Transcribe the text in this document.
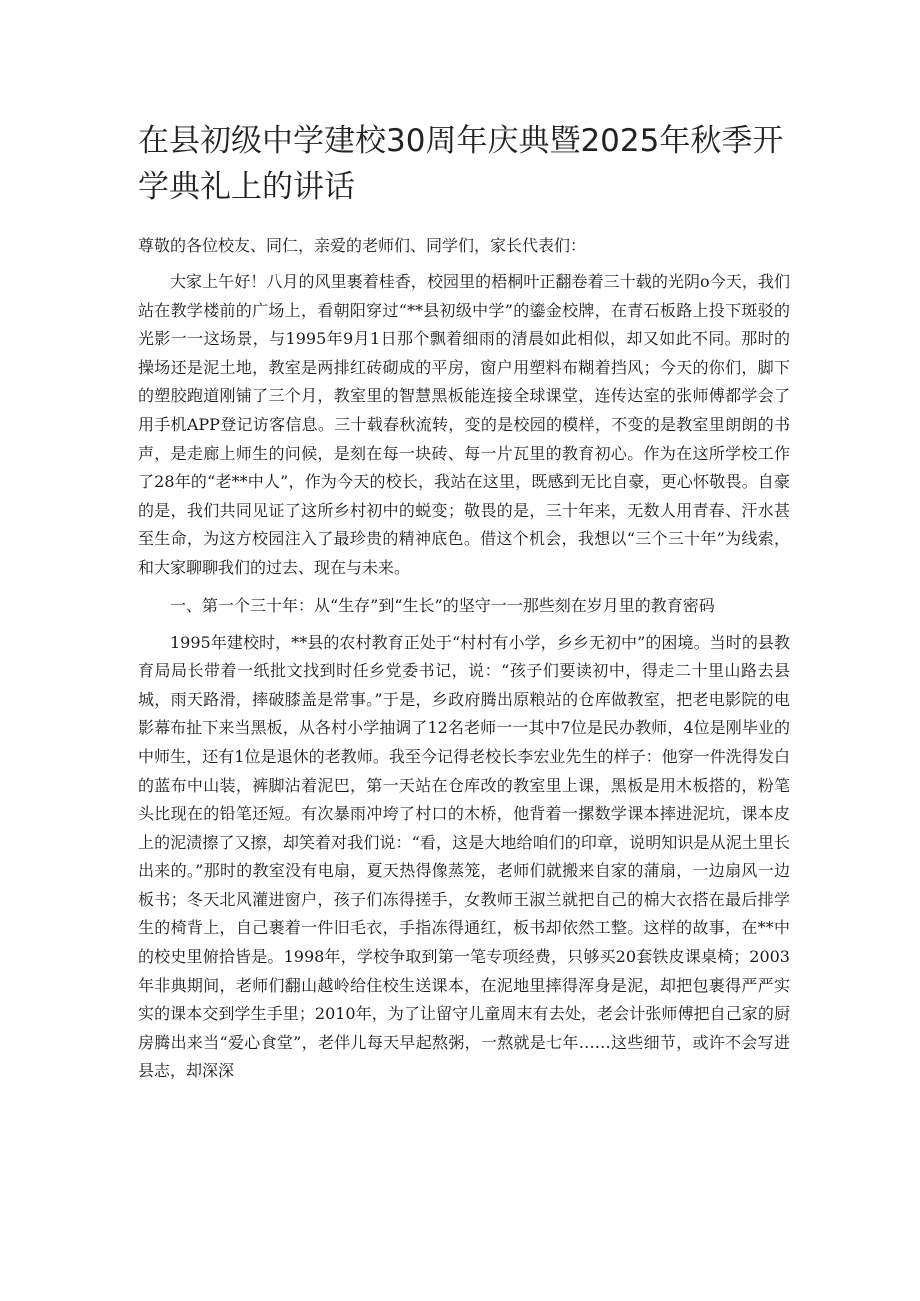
在县初级中学建校30周年庆典暨2025年秋季开学典礼上的讲话

尊敬的各位校友、同仁，亲爱的老师们、同学们，家长代表们：

大家上午好！八月的风里裹着桂香，校园里的梧桐叶正翻卷着三十载的光阴o今天，我们站在教学楼前的广场上，看朝阳穿过“**县初级中学”的鎏金校牌，在青石板路上投下斑驳的光影一一这场景，与1995年9月1日那个飘着细雨的清晨如此相似，却又如此不同。那时的操场还是泥土地，教室是两排红砖砌成的平房，窗户用塑料布糊着挡风；今天的你们，脚下的塑胶跑道刚铺了三个月，教室里的智慧黑板能连接全球课堂，连传达室的张师傅都学会了用手机APP登记访客信息。三十载春秋流转，变的是校园的模样，不变的是教室里朗朗的书声，是走廊上师生的问候，是刻在每一块砖、每一片瓦里的教育初心。作为在这所学校工作了28年的“老**中人”，作为今天的校长，我站在这里，既感到无比自豪，更心怀敬畏。自豪的是，我们共同见证了这所乡村初中的蜕变；敬畏的是，三十年来，无数人用青春、汗水甚至生命，为这方校园注入了最珍贵的精神底色。借这个机会，我想以“三个三十年”为线索，和大家聊聊我们的过去、现在与未来。

一、第一个三十年：从“生存”到“生长”的坚守一一那些刻在岁月里的教育密码

1995年建校时，**县的农村教育正处于“村村有小学，乡乡无初中”的困境。当时的县教育局局长带着一纸批文找到时任乡党委书记，说：“孩子们要读初中，得走二十里山路去县城，雨天路滑，摔破膝盖是常事。”于是，乡政府腾出原粮站的仓库做教室，把老电影院的电影幕布扯下来当黑板，从各村小学抽调了12名老师一一其中7位是民办教师，4位是刚毕业的中师生，还有1位是退休的老教师。我至今记得老校长李宏业先生的样子：他穿一件洗得发白的蓝布中山装，裤脚沾着泥巴，第一天站在仓库改的教室里上课，黑板是用木板搭的，粉笔头比现在的铅笔还短。有次暴雨冲垮了村口的木桥，他背着一摞数学课本摔进泥坑，课本皮上的泥渍擦了又擦，却笑着对我们说：“看，这是大地给咱们的印章，说明知识是从泥土里长出来的。”那时的教室没有电扇，夏天热得像蒸笼，老师们就搬来自家的蒲扇，一边扇风一边板书；冬天北风灌进窗户，孩子们冻得搓手，女教师王淑兰就把自己的棉大衣搭在最后排学生的椅背上，自己裹着一件旧毛衣，手指冻得通红，板书却依然工整。这样的故事，在**中的校史里俯拾皆是。1998年，学校争取到第一笔专项经费，只够买20套铁皮课桌椅；2003年非典期间，老师们翻山越岭给住校生送课本，在泥地里摔得浑身是泥，却把包裹得严严实实的课本交到学生手里；2010年，为了让留守儿童周末有去处，老会计张师傅把自己家的厨房腾出来当“爱心食堂”，老伴儿每天早起熬粥，一熬就是七年……这些细节，或许不会写进县志，却深深
